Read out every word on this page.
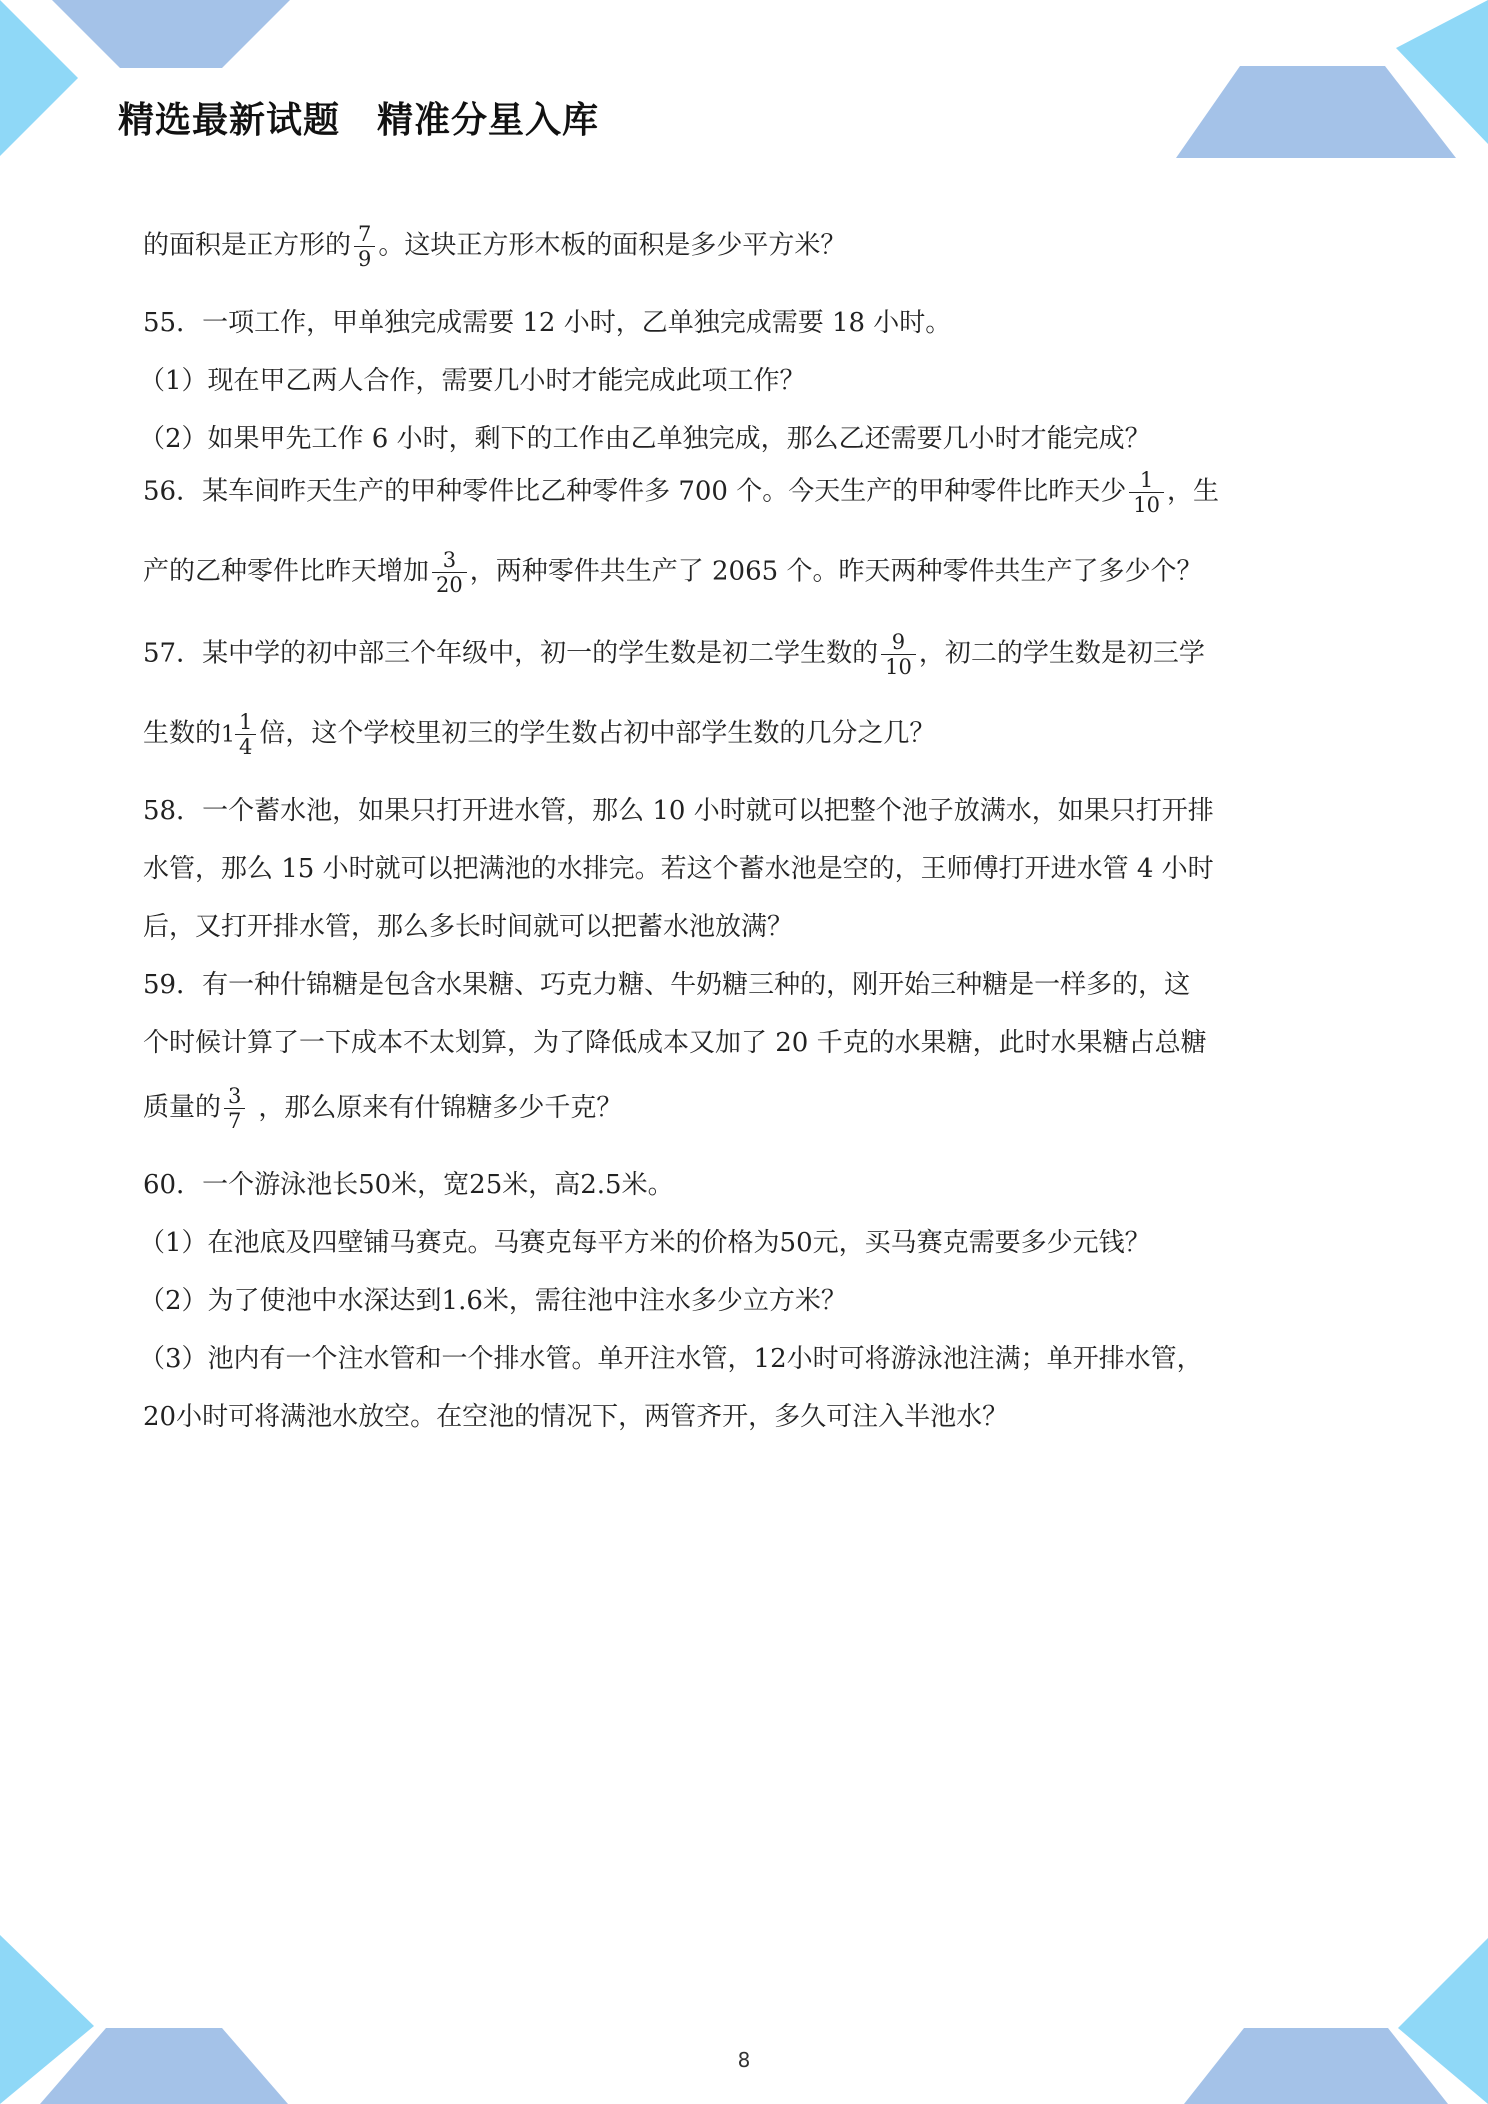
精选最新试题　精准分星入库
的面积是正方形的 $\frac{7}{9}$ 。这块正方形木板的面积是多少平方米？
55．一项工作，甲单独完成需要 12 小时，乙单独完成需要 18 小时。
（1）现在甲乙两人合作，需要几小时才能完成此项工作？
（2）如果甲先工作 6 小时，剩下的工作由乙单独完成，那么乙还需要几小时才能完成？
56．某车间昨天生产的甲种零件比乙种零件多 700 个。今天生产的甲种零件比昨天少 $\frac{1}{10}$ ，生
产的乙种零件比昨天增加 $\frac{3}{20}$ ，两种零件共生产了 2065 个。昨天两种零件共生产了多少个？
57．某中学的初中部三个年级中，初一的学生数是初二学生数的 $\frac{9}{10}$ ，初二的学生数是初三学
生数的$1 \frac{1}{4}$ 倍，这个学校里初三的学生数占初中部学生数的几分之几？
58．一个蓄水池，如果只打开进水管，那么 10 小时就可以把整个池子放满水，如果只打开排
水管，那么 15 小时就可以把满池的水排完。若这个蓄水池是空的，王师傅打开进水管 4 小时
后，又打开排水管，那么多长时间就可以把蓄水池放满？
59．有一种什锦糖是包含水果糖、巧克力糖、牛奶糖三种的，刚开始三种糖是一样多的，这
个时候计算了一下成本不太划算，为了降低成本又加了 20 千克的水果糖，此时水果糖占总糖
质量的 $\frac{3}{7}$ ，那么原来有什锦糖多少千克？
60．一个游泳池长50米，宽25米，高2.5米。
（1）在池底及四壁铺马赛克。马赛克每平方米的价格为50元，买马赛克需要多少元钱？
（2）为了使池中水深达到1.6米，需往池中注水多少立方米？
（3）池内有一个注水管和一个排水管。单开注水管，12小时可将游泳池注满；单开排水管，
20小时可将满池水放空。在空池的情况下，两管齐开，多久可注入半池水？
8
